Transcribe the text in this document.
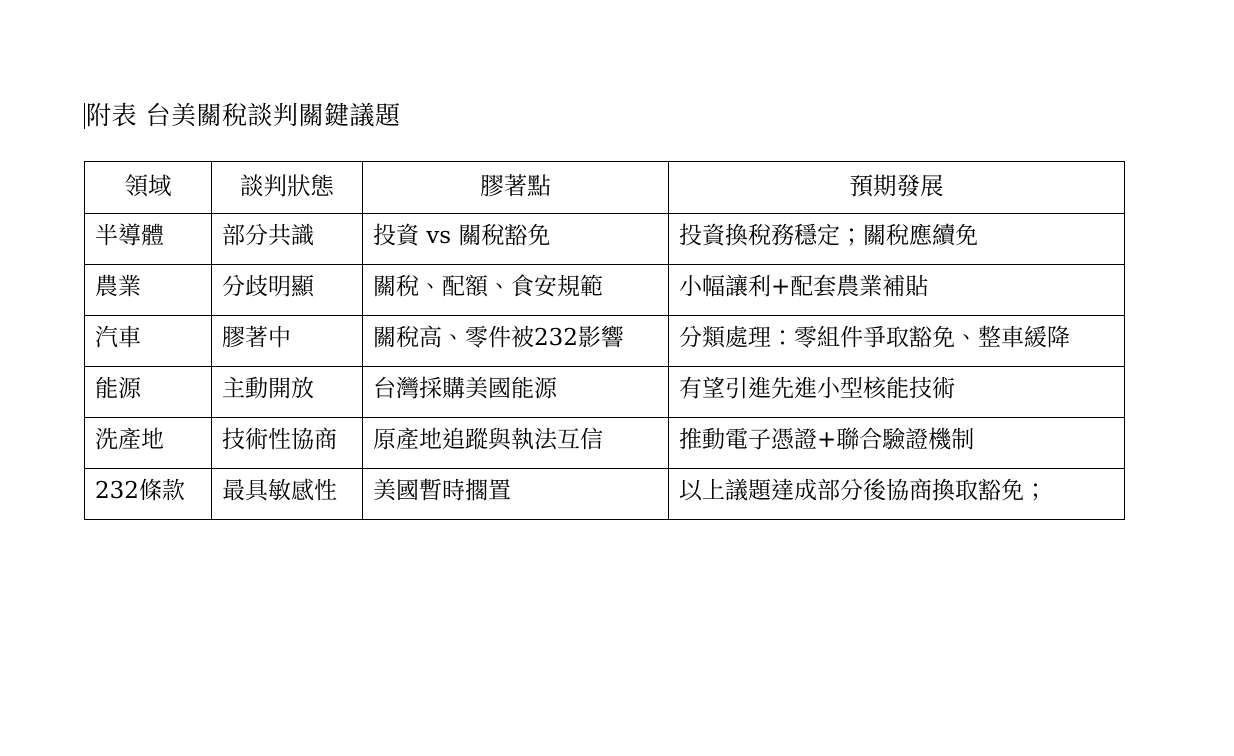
附表 台美關稅談判關鍵議題
領域	談判狀態	膠著點	預期發展

半導體	部分共識	投資 vs 關稅豁免	投資換稅務穩定；關稅應續免

農業	分歧明顯	關稅、配額、食安規範	小幅讓利+配套農業補貼

汽車	膠著中	關稅高、零件被232影響	分類處理：零組件爭取豁免、整車緩降

能源	主動開放	台灣採購美國能源	有望引進先進小型核能技術

洗產地	技術性協商	原產地追蹤與執法互信	推動電子憑證+聯合驗證機制

232條款	最具敏感性	美國暫時擱置	以上議題達成部分後協商換取豁免；
